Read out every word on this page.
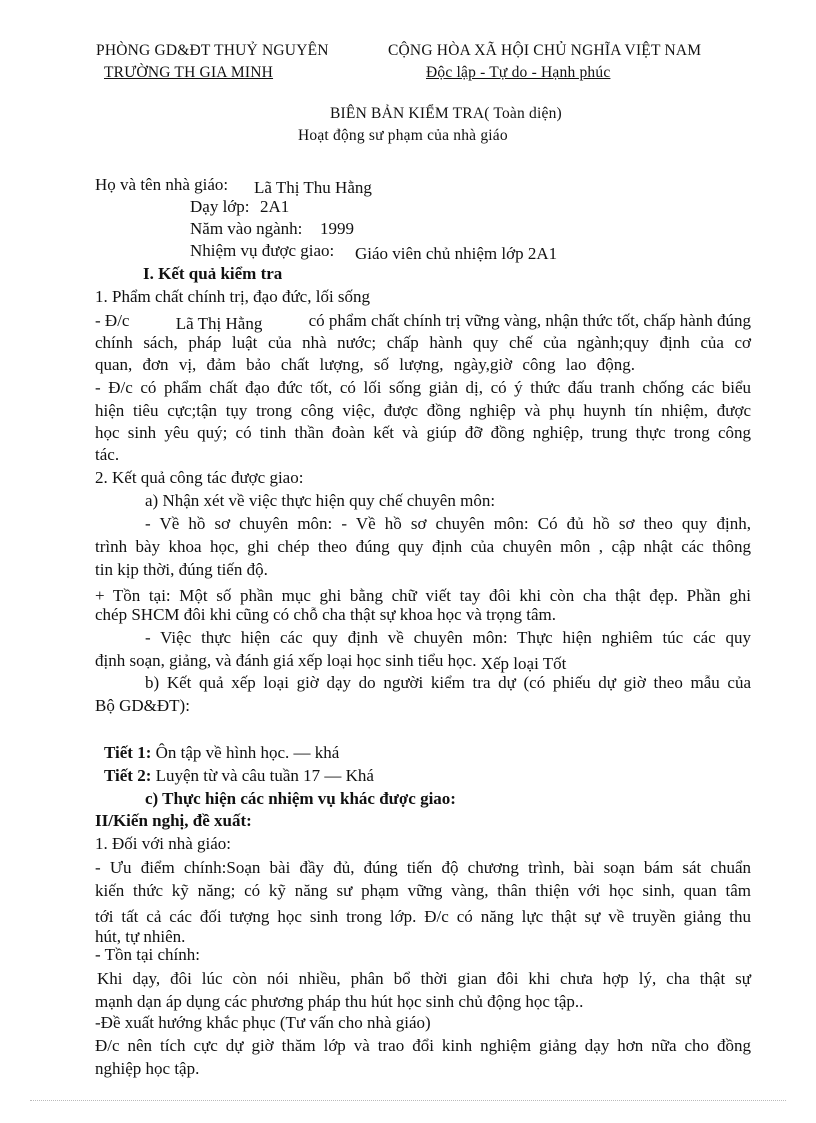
PHÒNG GD&ĐT THUỶ NGUYÊN
TRƯỜNG TH GIA MINH
CỘNG HÒA XÃ HỘI CHỦ NGHĨA VIỆT NAM
Độc lập - Tự do - Hạnh phúc
BIÊN BẢN KIỂM TRA( Toàn diện)
Hoạt động sư phạm của nhà giáo
Họ và tên nhà giáo: Lã Thị Thu Hằng
Dạy lớp: 2A1
Năm vào ngành: 1999
Nhiệm vụ được giao: Giáo viên chủ nhiệm lớp 2A1
I. Kết quả kiểm tra
1. Phẩm chất chính trị, đạo đức, lối sống
- Đ/c	Lã Thị Hằng	có phẩm chất chính trị vững vàng, nhận thức tốt, chấp hành đúng
chính sách, pháp luật của nhà nước; chấp hành quy chế của ngành;quy định của cơ
quan, đơn vị, đảm bảo chất lượng, số lượng, ngày,giờ công lao động.
- Đ/c có phẩm chất đạo đức tốt, có lối sống giản dị, có ý thức đấu tranh chống các biểu
hiện tiêu cực;tận tụy trong công việc, được đồng nghiệp và phụ huynh tín nhiệm, được
học sinh yêu quý; có tinh thần đoàn kết và giúp đỡ đồng nghiệp, trung thực trong công
tác.
2. Kết quả công tác được giao:
a) Nhận xét về việc thực hiện quy chế chuyên môn:
- Về hồ sơ chuyên môn: - Về hồ sơ chuyên môn: Có đủ hồ sơ theo quy định,
trình bày khoa học, ghi chép theo đúng quy định của chuyên môn , cập nhật các thông
tin kịp thời, đúng tiến độ.
+ Tồn tại: Một số phần mục ghi bằng chữ viết tay đôi khi còn cha thật đẹp. Phần ghi
chép SHCM đôi khi cũng có chỗ cha thật sự khoa học và trọng tâm.
- Việc thực hiện các quy định về chuyên môn: Thực hiện nghiêm túc các quy
định soạn, giảng, và đánh giá xếp loại học sinh tiểu học. Xếp loại Tốt
b) Kết quả xếp loại giờ dạy do người kiểm tra dự (có phiếu dự giờ theo mẫu của
Bộ GD&ĐT):
Tiết 1: Ôn tập về hình học. — khá
Tiết 2: Luyện từ và câu tuần 17 — Khá
c) Thực hiện các nhiệm vụ khác được giao:
II/Kiến nghị, đề xuất:
1. Đối với nhà giáo:
- Ưu điểm chính:Soạn bài đầy đủ, đúng tiến độ chương trình, bài soạn bám sát chuẩn
kiến thức kỹ năng; có kỹ năng sư phạm vững vàng, thân thiện với học sinh, quan tâm
tới tất cả các đối tượng học sinh trong lớp. Đ/c có năng lực thật sự về truyền giảng thu
hút, tự nhiên.
- Tồn tại chính:
Khi dạy, đôi lúc còn nói nhiều, phân bổ thời gian đôi khi chưa hợp lý, cha thật sự
mạnh dạn áp dụng các phương pháp thu hút học sinh chủ động học tập..
-Đề xuất hướng khắc phục (Tư vấn cho nhà giáo)
Đ/c nên tích cực dự giờ thăm lớp và trao đổi kinh nghiệm giảng dạy hơn nữa cho đồng
nghiệp học tập.
